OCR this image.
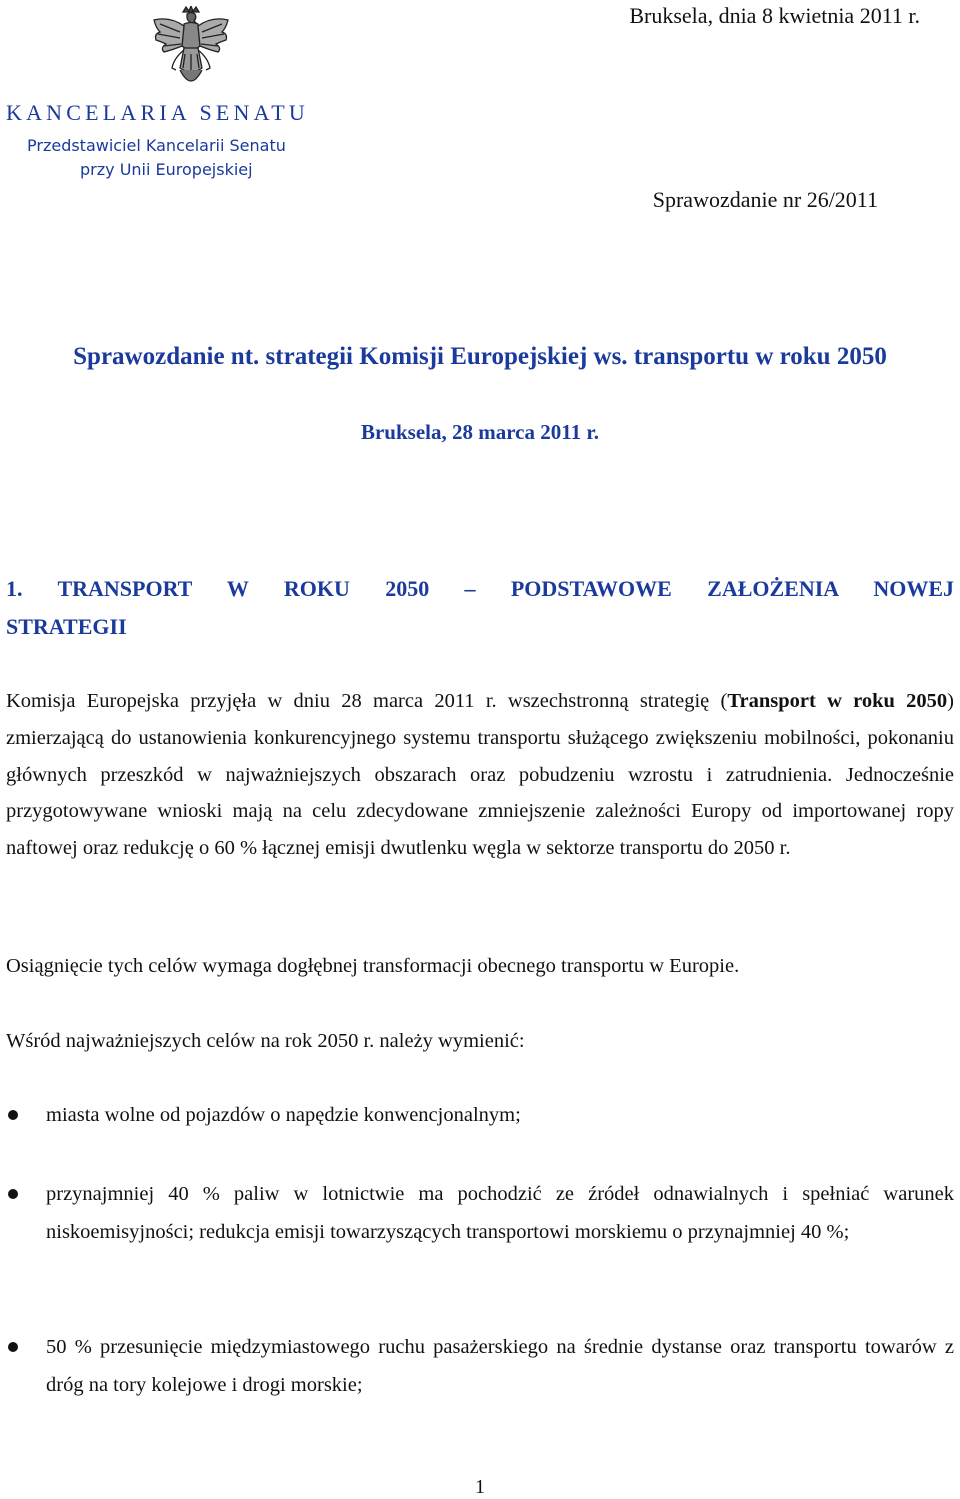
Bruksela, dnia 8 kwietnia 2011 r.
KANCELARIA SENATU
Przedstawiciel Kancelarii Senatu
przy Unii Europejskiej
Sprawozdanie nr 26/2011
Sprawozdanie nt. strategii Komisji Europejskiej ws. transportu w roku 2050
Bruksela, 28 marca 2011 r.
1. TRANSPORT W ROKU 2050 – PODSTAWOWE ZAŁOŻENIA NOWEJ
STRATEGII
Komisja Europejska przyjęła w dniu 28 marca 2011 r. wszechstronną strategię (Transport w roku 2050) zmierzającą do ustanowienia konkurencyjnego systemu transportu służącego zwiększeniu mobilności, pokonaniu głównych przeszkód w najważniejszych obszarach oraz pobudzeniu wzrostu i zatrudnienia. Jednocześnie przygotowywane wnioski mają na celu zdecydowane zmniejszenie zależności Europy od importowanej ropy naftowej oraz redukcję o 60 % łącznej emisji dwutlenku węgla w sektorze transportu do 2050 r.
Osiągnięcie tych celów wymaga dogłębnej transformacji obecnego transportu w Europie.
Wśród najważniejszych celów na rok 2050 r. należy wymienić:
miasta wolne od pojazdów o napędzie konwencjonalnym;
przynajmniej 40 % paliw w lotnictwie ma pochodzić ze źródeł odnawialnych i spełniać warunek niskoemisyjności; redukcja emisji towarzyszących transportowi morskiemu o przynajmniej 40 %;
50 % przesunięcie międzymiastowego ruchu pasażerskiego na średnie dystanse oraz transportu towarów z dróg na tory kolejowe i drogi morskie;
1
